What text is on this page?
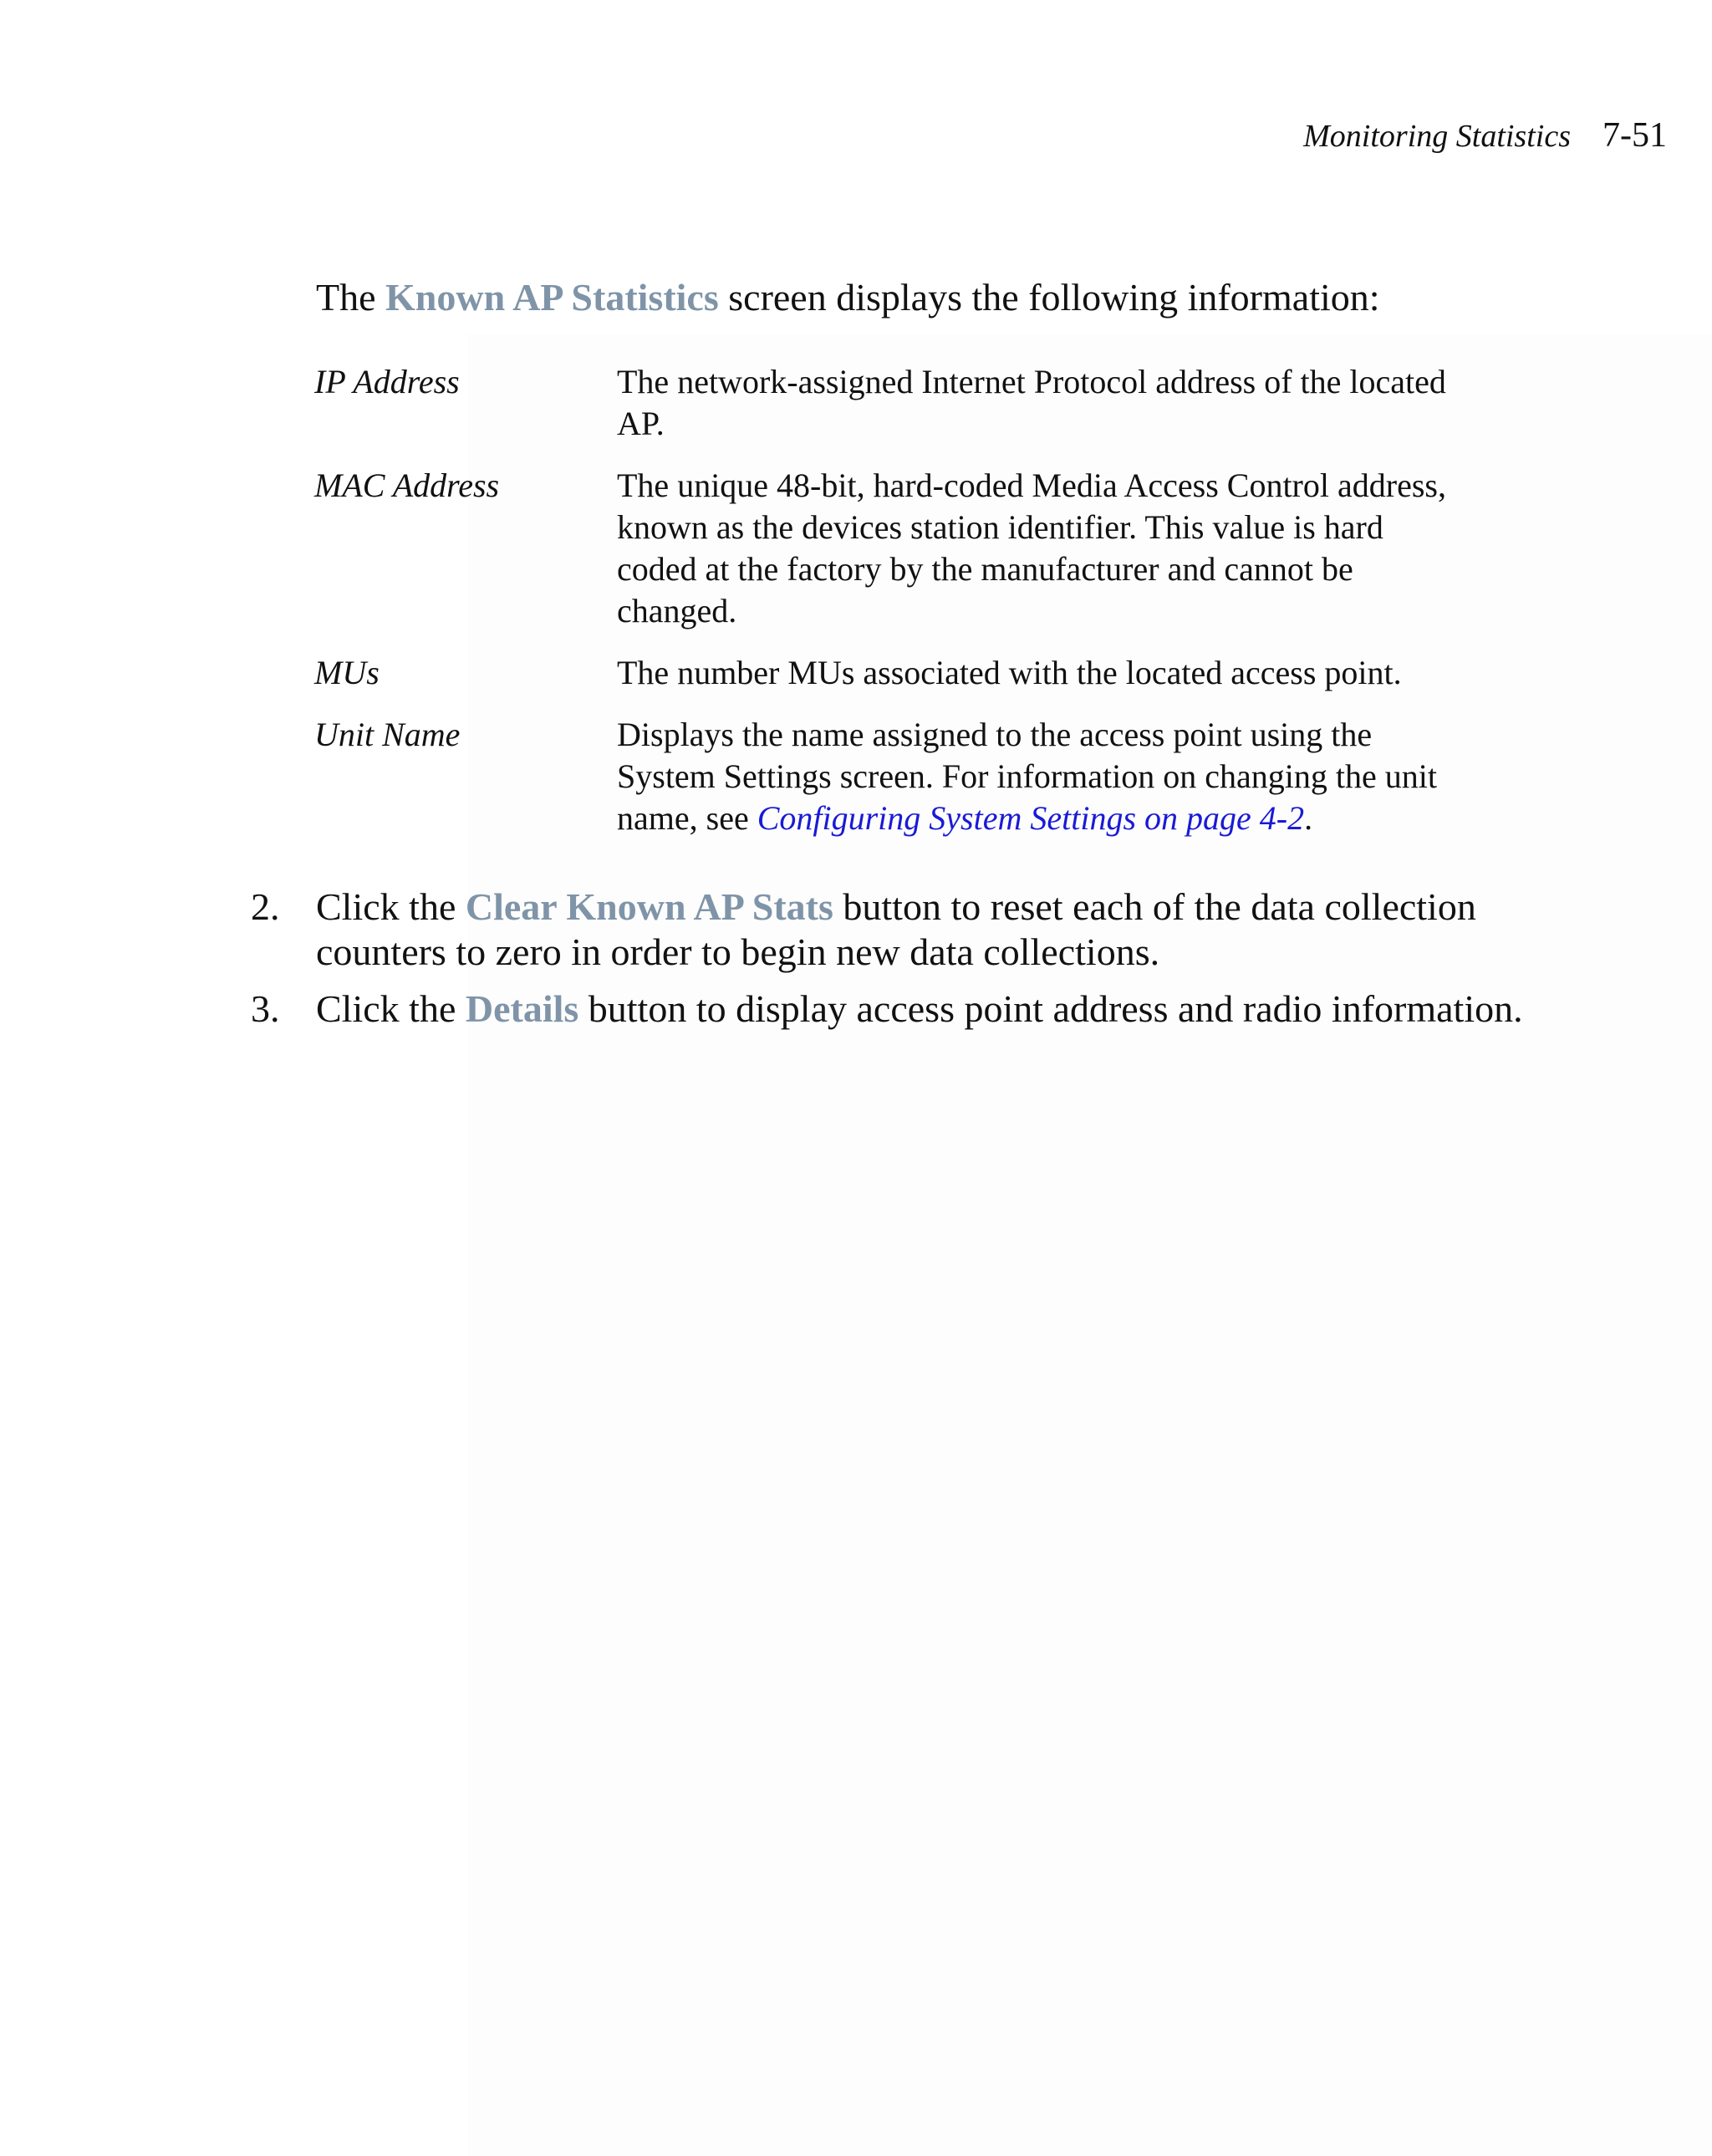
Monitoring Statistics 7-51

The Known AP Statistics screen displays the following information:

IP Address	The network-assigned Internet Protocol address of the located AP.
MAC Address	The unique 48-bit, hard-coded Media Access Control address, known as the devices station identifier. This value is hard coded at the factory by the manufacturer and cannot be changed.
MUs	The number MUs associated with the located access point.
Unit Name	Displays the name assigned to the access point using the System Settings screen. For information on changing the unit name, see Configuring System Settings on page 4-2.
2. Click the Clear Known AP Stats button to reset each of the data collection counters to zero in order to begin new data collections.
3. Click the Details button to display access point address and radio information.
